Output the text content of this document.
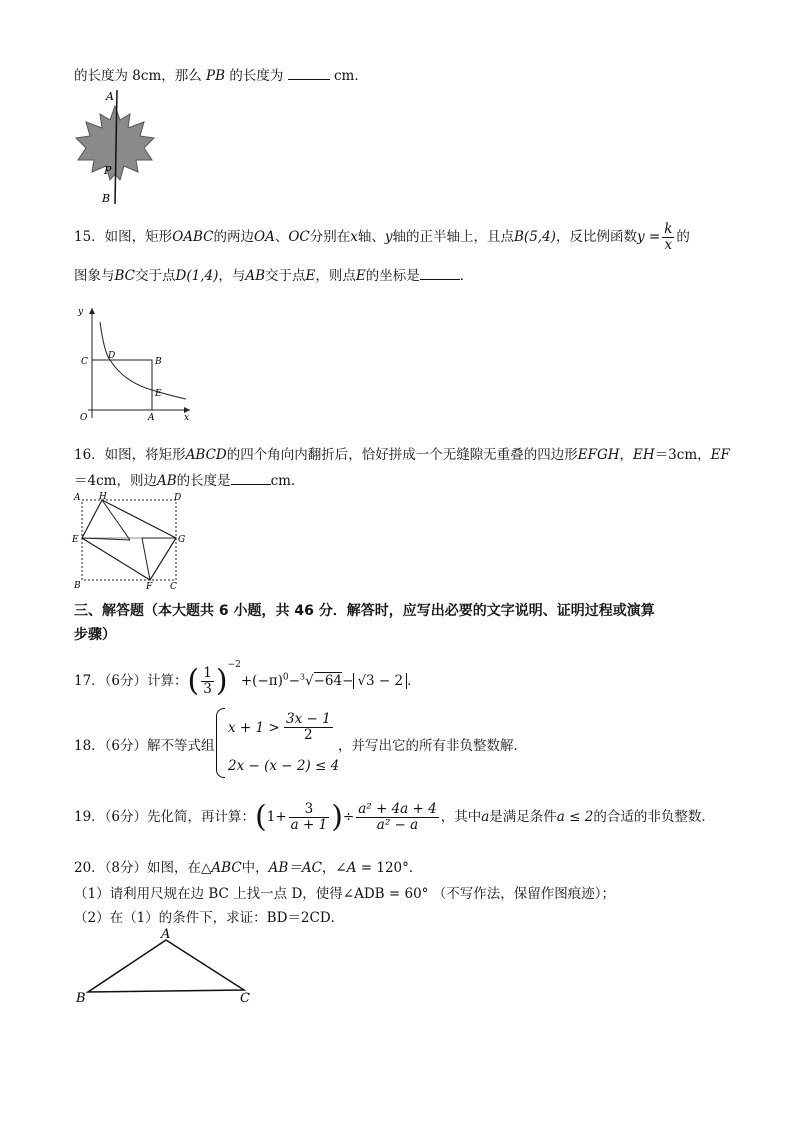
的长度为 8cm，那么 PB 的长度为	cm．
A
P
B
15．如图，矩形OABC的两边OA、OC分别在x轴、y轴的正半轴上，且点B(5,4)，反比例函数$y = \frac{k}{x}$ 的
图象与BC交于点D(1,4)，与AB交于点E，则点E的坐标是	．
y
x
O
C
D
B
E
A
16．如图，将矩形ABCD的四个角向内翻折后，恰好拼成一个无缝隙无重叠的四边形EFGH，EH＝3cm，EF
＝4cm，则边AB的长度是	cm．
A H	D
E	G
B	F C
三、解答题（本大题共 6 小题，共 46 分．解答时，应写出必要的文字说明、证明过程或演算
步骤）
17．（6分）计算：( $\frac{1}{3} )^{-2}+(-\pi)^0-^3√-64- √3 - 2$ ．
18．（6分）解不等式组
$x + 1 > \frac{3x - 1}{2}$
2x − (x − 2) ≤ 4
，并写出它的所有非负整数解．
19．（6分）先化简，再计算：($1+ \frac{3}{a + 1}$ )÷ $\frac{\text{a² + 4a + 4}}{\text{a² − a}}$ ，其中a是满足条件a ≤ 2的合适的非负整数．
20．（8分）如图，在△ABC中，AB＝AC，∠A = 120°．
（1）请利用尺规在边 BC 上找一点 D，使得∠ADB = 60° （不写作法，保留作图痕迹）；
（2）在（1）的条件下，求证：BD＝2CD．
A
B	C
